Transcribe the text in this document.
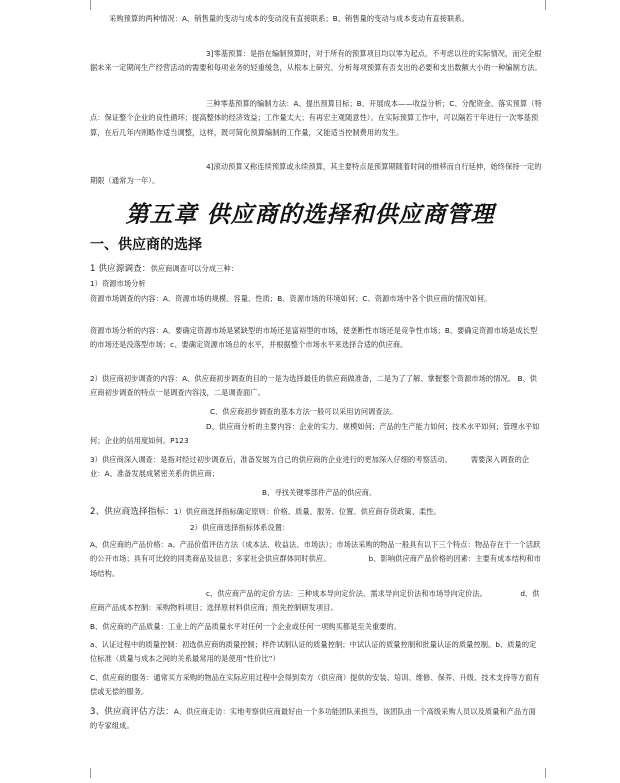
采购预算的两种情况：A、销售量的变动与成本的变动没有直接联系；B、销售量的变动与成本变动有直接联系。
3]零基预算：是指在编制预算时，对于所有的预算项目均以零为起点，不考虑以往的实际情况，而完全根据未来一定期间生产经营活动的需要和每项业务的轻重缓急，从根本上研究、分析每项预算有否支出的必要和支出数额大小的一种编制方法。
三种零基预算的编制方法：A、提出预算目标；B、开展成本——收益分析；C、分配资金、落实预算（特点：保证整个企业的良性循环；提高整体的经济效益；工作量太大；有再宏主观随意性）。在实际预算工作中，可以隔若干年进行一次零基预算，在后几年内则略作适当调整，这样，既可简化预算编制的工作量，又能适当控制费用的发生。
4]滚动预算又称连续预算或永续预算，其主要特点是预算期随着时间的推移而自行延伸，始终保持一定的期限（通常为一年）。
第五章 供应商的选择和供应商管理
一、供应商的选择
1 供应源调查：供应商调查可以分成三种：
1）资源市场分析
资源市场调查的内容：A、资源市场的规模、容量、性质；B、资源市场的环境如何；C、资源市场中各个供应商的情况如何。
资源市场分析的内容：A、要确定资源市场是紧缺型的市场还是富裕型的市场，使垄断性市场还是竞争性市场；B、要确定资源市场是成长型的市场还是没落型市场；c、要确定资源市场总的水平，并根据整个市场水平来选择合适的供应商。
2）供应商初步调查的内容：A、供应商初步调查的目的一是为选择最佳的供应商做准备，二是为了了解、掌握整个资源市场的情况。 B、供应商初步调查的特点一是调查内容浅，二是调查面广。
C、供应商初步调查的基本方法一般可以采用访问调查法。
D、供应商分析的主要内容：企业的实力、规模如何；产品的生产能力如何；技术水平如何；管理水平如何；企业的信用度如何。P123
3）供应商深入调查：是指对经过初步调查后，准备发展为自己的供应商的企业进行的更加深入仔细的考察活动。        需要深入调查的企业：A、准备发展成紧密关系的供应商；
B、寻找关键零部件产品的供应商。
2、供应商选择指标：1）供应商选择指标确定原则：价格、质量、服务、位置、供应商存货政策、柔性。
2）供应商选择指标体系设置：
A、供应商的产品价格：a、产品价值评估方法（成本法、收益法、市场法）；市场法采购的物品一般具有以下三个特点：物品存在于一个活跃的公开市场；具有可比较的同类商品及信息；多家社会供应群体同时供应。                b、影响供应商产品价格的因素：主要有成本结构和市场结构。
c、供应商产品的定价方法：三种成本导向定价法、需求导向定价法和市场导向定价法。              d、供应商产品成本控制：采购物料项目；选择原材料供应商；预先控制研发项目。
B、供应商的产品质量：工业上的产品质量水平对任何一个企业或任何一项购买都是至关重要的。
a、认证过程中的质量控制：初选供应商的质量控制；样件试制认证的质量控制；中试认证的质量控制和批量认证的质量控制。b、质量的定位标准（质量与成本之间的关系最常用的是使用“性价比”）
C、供应商的服务：通常买方采购的物品在实际应用过程中会得到卖方（供应商）提供的安装、培训、维修、保养、升级、技术支持等方面有偿或无偿的服务。
3、供应商评估方法：A、供应商走访：实地考察供应商最好由一个多功能团队来担当，该团队由一个高级采购人员以及质量和产品方面的专家组成。
